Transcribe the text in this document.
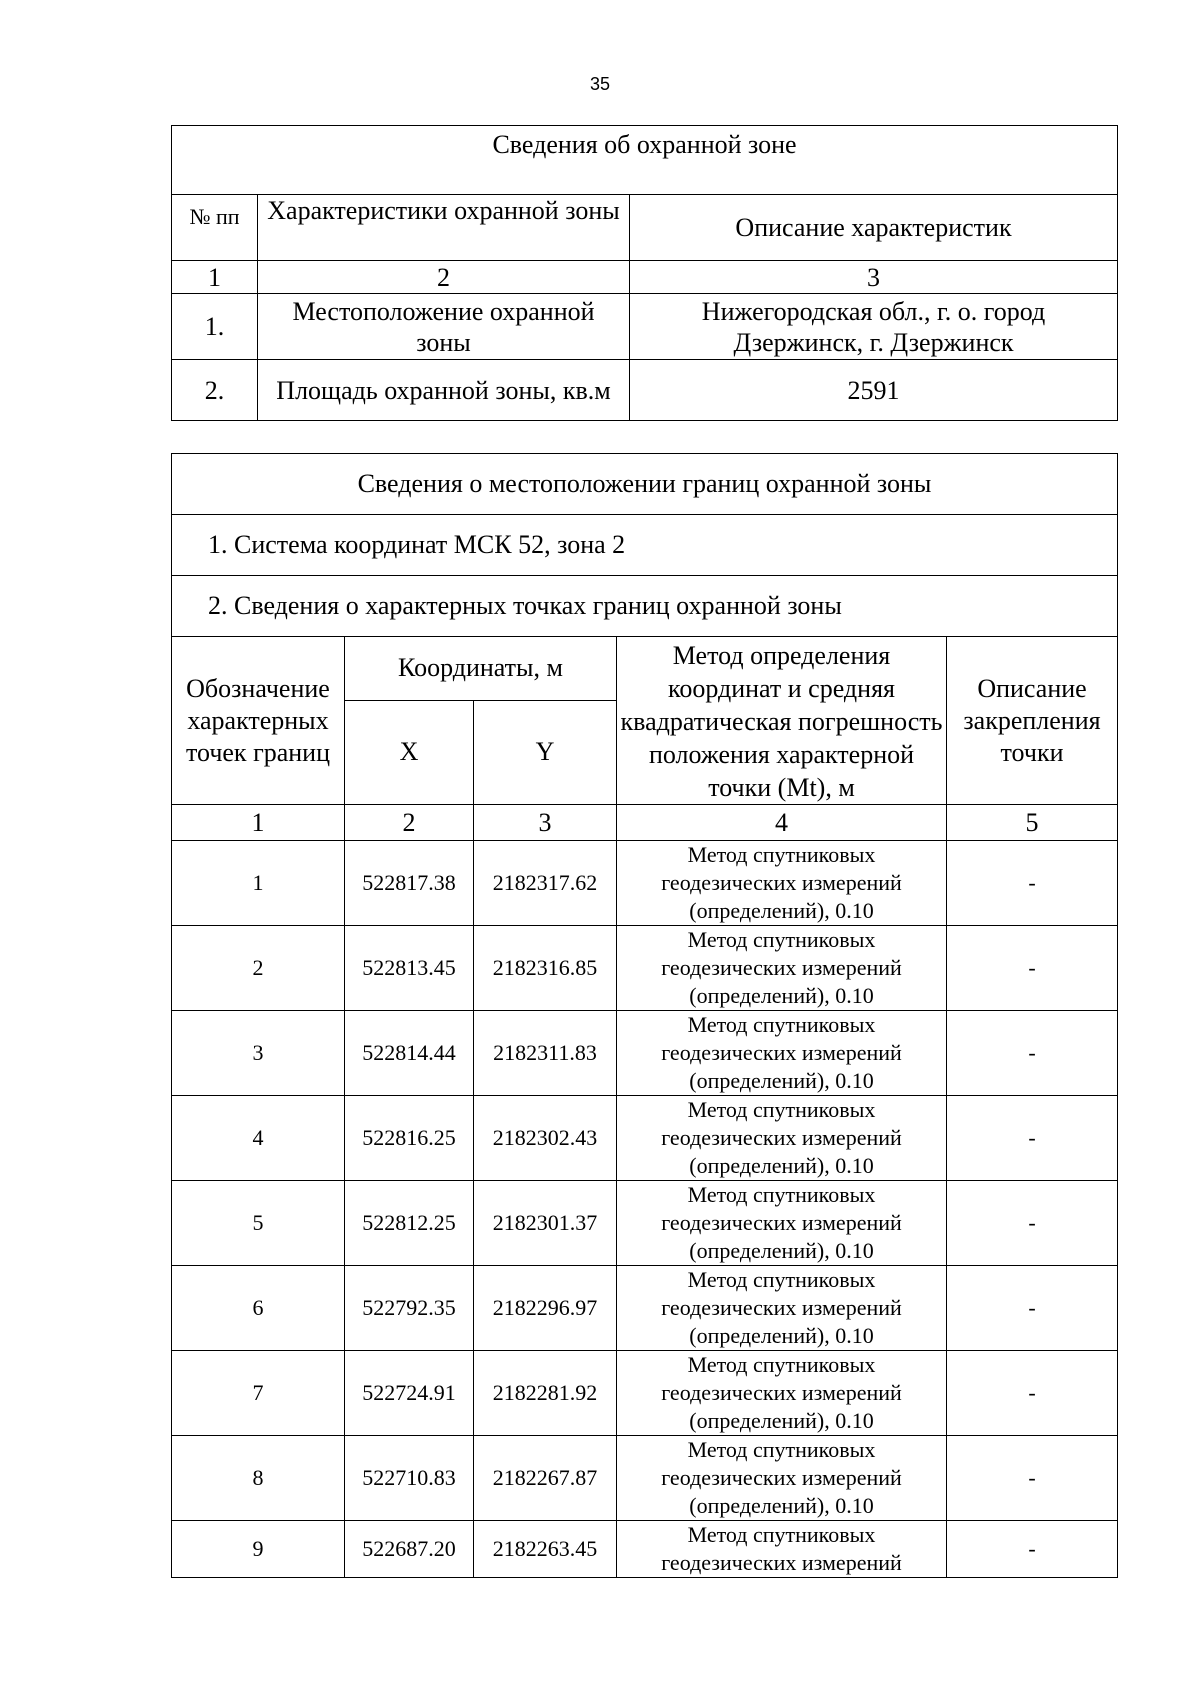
35
Сведения об охранной зоне		
№ пп	Характеристики охранной зоны	Описание характеристик
1	2	3
1.	Местоположение охранной зоны	Нижегородская обл., г. о. город Дзержинск, г. Дзержинск
2.	Площадь охранной зоны, кв.м	2591
Сведения о местоположении границ охранной зоны				
1. Система координат МСК 52, зона 2				
2. Сведения о характерных точках границ охранной зоны				
Обозначение характерных точек границ	Координаты, м		Метод определения координат и средняя квадратическая погрешность положения характерной точки (Mt), м	Описание закрепления точки
	X	Y		
1	2	3	4	5
1	522817.38	2182317.62	Метод спутниковых геодезических измерений (определений), 0.10	-
2	522813.45	2182316.85	Метод спутниковых геодезических измерений (определений), 0.10	-
3	522814.44	2182311.83	Метод спутниковых геодезических измерений (определений), 0.10	-
4	522816.25	2182302.43	Метод спутниковых геодезических измерений (определений), 0.10	-
5	522812.25	2182301.37	Метод спутниковых геодезических измерений (определений), 0.10	-
6	522792.35	2182296.97	Метод спутниковых геодезических измерений (определений), 0.10	-
7	522724.91	2182281.92	Метод спутниковых геодезических измерений (определений), 0.10	-
8	522710.83	2182267.87	Метод спутниковых геодезических измерений (определений), 0.10	-
9	522687.20	2182263.45	Метод спутниковых геодезических измерений	-
